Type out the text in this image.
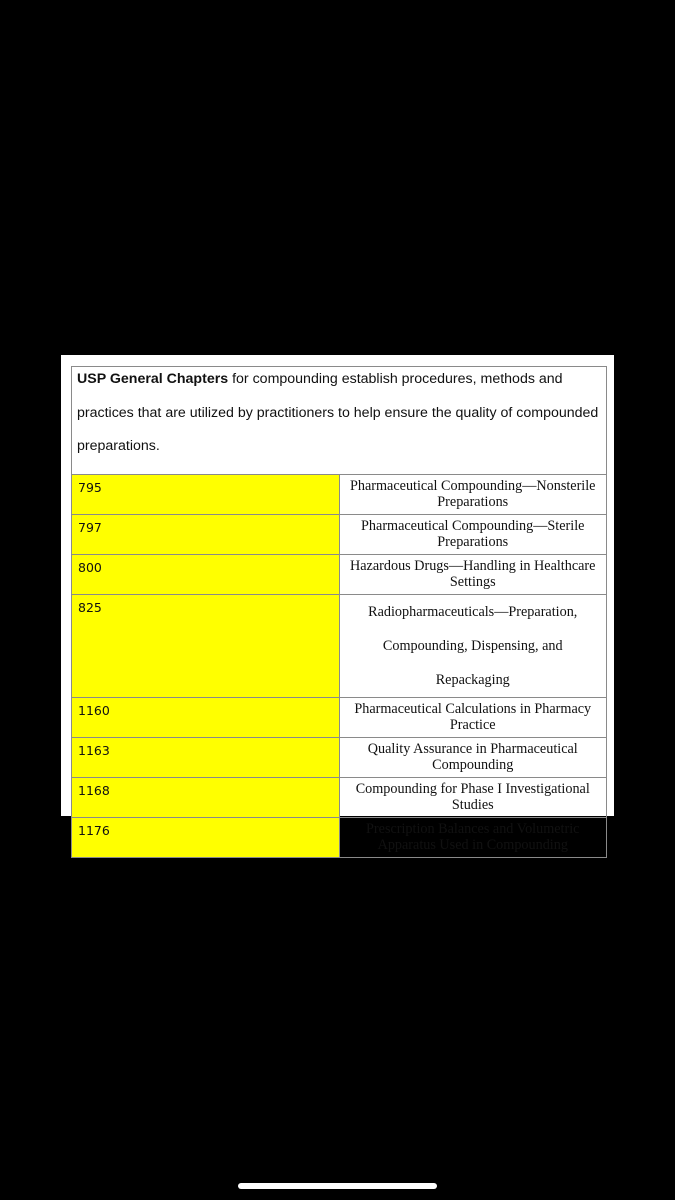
USP General Chapters for compounding establish procedures, methods and practices that are utilized by practitioners to help ensure the quality of compounded preparations.	

795	Pharmaceutical Compounding—Nonsterile Preparations
797	Pharmaceutical Compounding—Sterile Preparations
800	Hazardous Drugs—Handling in Healthcare Settings
825	Radiopharmaceuticals—Preparation, Compounding, Dispensing, and Repackaging
1160	Pharmaceutical Calculations in Pharmacy Practice
1163	Quality Assurance in Pharmaceutical Compounding
1168	Compounding for Phase I Investigational Studies
1176	Prescription Balances and Volumetric Apparatus Used in Compounding
